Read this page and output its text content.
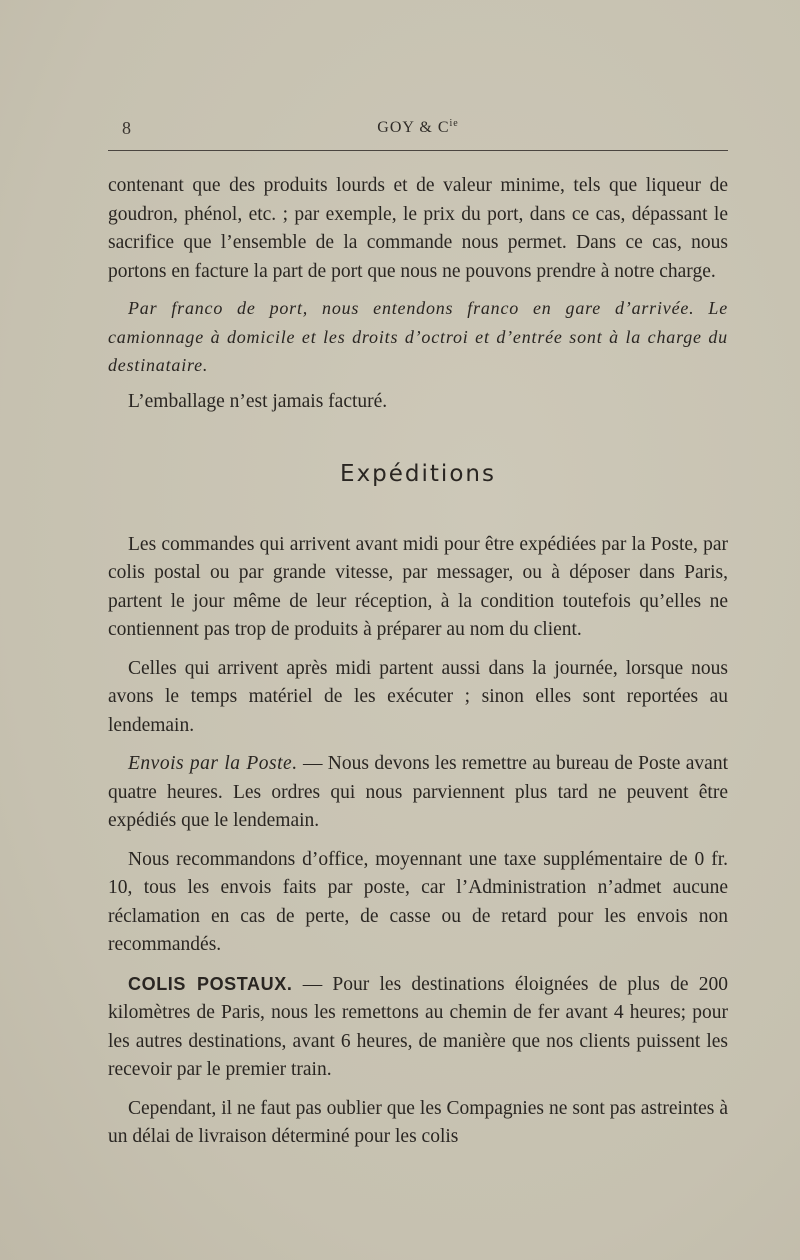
8	GOY & $C^{ie}$

contenant que des produits lourds et de valeur minime, tels que liqueur de goudron, phénol, etc. ; par exemple, le prix du port, dans ce cas, dépassant le sacrifice que l’ensemble de la commande nous permet. Dans ce cas, nous portons en facture la part de port que nous ne pouvons prendre à notre charge.

Par franco de port, nous entendons franco en gare d’arrivée. Le camionnage à domicile et les droits d’octroi et d’entrée sont à la charge du destinataire.

L’emballage n’est jamais facturé.

Expéditions

Les commandes qui arrivent avant midi pour être expédiées par la Poste, par colis postal ou par grande vitesse, par messager, ou à déposer dans Paris, partent le jour même de leur réception, à la condition toutefois qu’elles ne contiennent pas trop de produits à préparer au nom du client.

Celles qui arrivent après midi partent aussi dans la journée, lorsque nous avons le temps matériel de les exécuter ; sinon elles sont reportées au lendemain.

Envois par la Poste. — Nous devons les remettre au bureau de Poste avant quatre heures. Les ordres qui nous parviennent plus tard ne peuvent être expédiés que le lendemain.

Nous recommandons d’office, moyennant une taxe supplémentaire de 0 fr. 10, tous les envois faits par poste, car l’Administration n’admet aucune réclamation en cas de perte, de casse ou de retard pour les envois non recommandés.

COLIS POSTAUX. — Pour les destinations éloignées de plus de 200 kilomètres de Paris, nous les remettons au chemin de fer avant 4 heures; pour les autres destinations, avant 6 heures, de manière que nos clients puissent les recevoir par le premier train.

Cependant, il ne faut pas oublier que les Compagnies ne sont pas astreintes à un délai de livraison déterminé pour les colis
